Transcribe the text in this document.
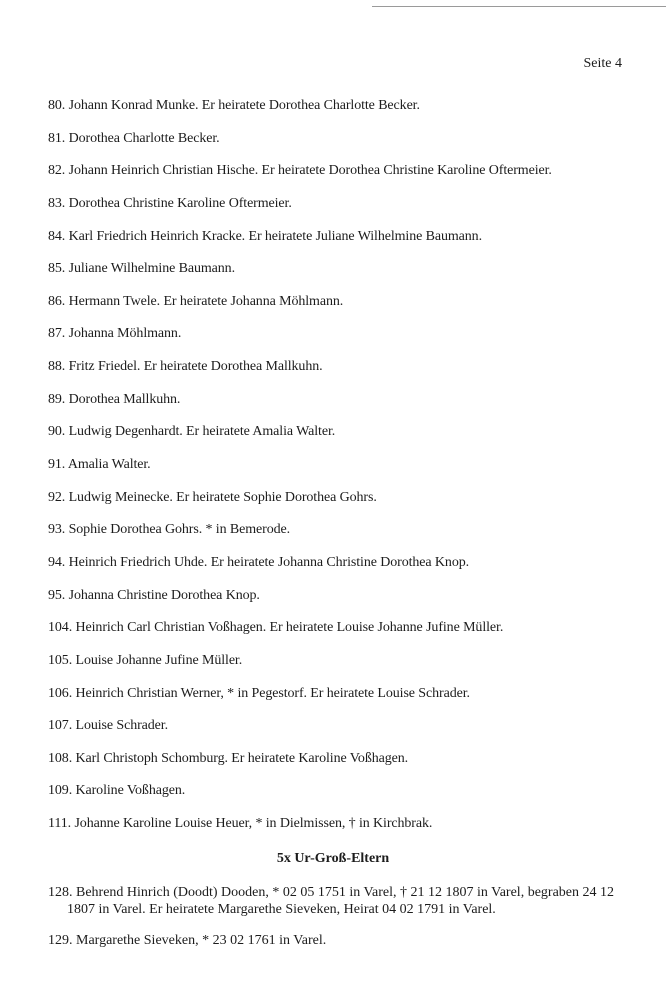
Seite 4
80. Johann Konrad Munke. Er heiratete Dorothea Charlotte Becker.
81. Dorothea Charlotte Becker.
82. Johann Heinrich Christian Hische. Er heiratete Dorothea Christine Karoline Oftermeier.
83. Dorothea Christine Karoline Oftermeier.
84. Karl Friedrich Heinrich Kracke. Er heiratete Juliane Wilhelmine Baumann.
85. Juliane Wilhelmine Baumann.
86. Hermann Twele. Er heiratete Johanna Möhlmann.
87. Johanna Möhlmann.
88. Fritz Friedel. Er heiratete Dorothea Mallkuhn.
89. Dorothea Mallkuhn.
90. Ludwig Degenhardt. Er heiratete Amalia Walter.
91. Amalia Walter.
92. Ludwig Meinecke. Er heiratete Sophie Dorothea Gohrs.
93. Sophie Dorothea Gohrs. * in Bemerode.
94. Heinrich Friedrich Uhde. Er heiratete Johanna Christine Dorothea Knop.
95. Johanna Christine Dorothea Knop.
104. Heinrich Carl Christian Voßhagen. Er heiratete Louise Johanne Jufine Müller.
105. Louise Johanne Jufine Müller.
106. Heinrich Christian Werner, * in Pegestorf. Er heiratete Louise Schrader.
107. Louise Schrader.
108. Karl Christoph Schomburg. Er heiratete Karoline Voßhagen.
109. Karoline Voßhagen.
111. Johanne Karoline Louise Heuer, * in Dielmissen, † in Kirchbrak.
5x Ur-Groß-Eltern
128. Behrend Hinrich (Doodt) Dooden, * 02 05 1751 in Varel, † 21 12 1807 in Varel, begraben 24 12 1807 in Varel. Er heiratete Margarethe Sieveken, Heirat 04 02 1791 in Varel.
129. Margarethe Sieveken, * 23 02 1761 in Varel.
